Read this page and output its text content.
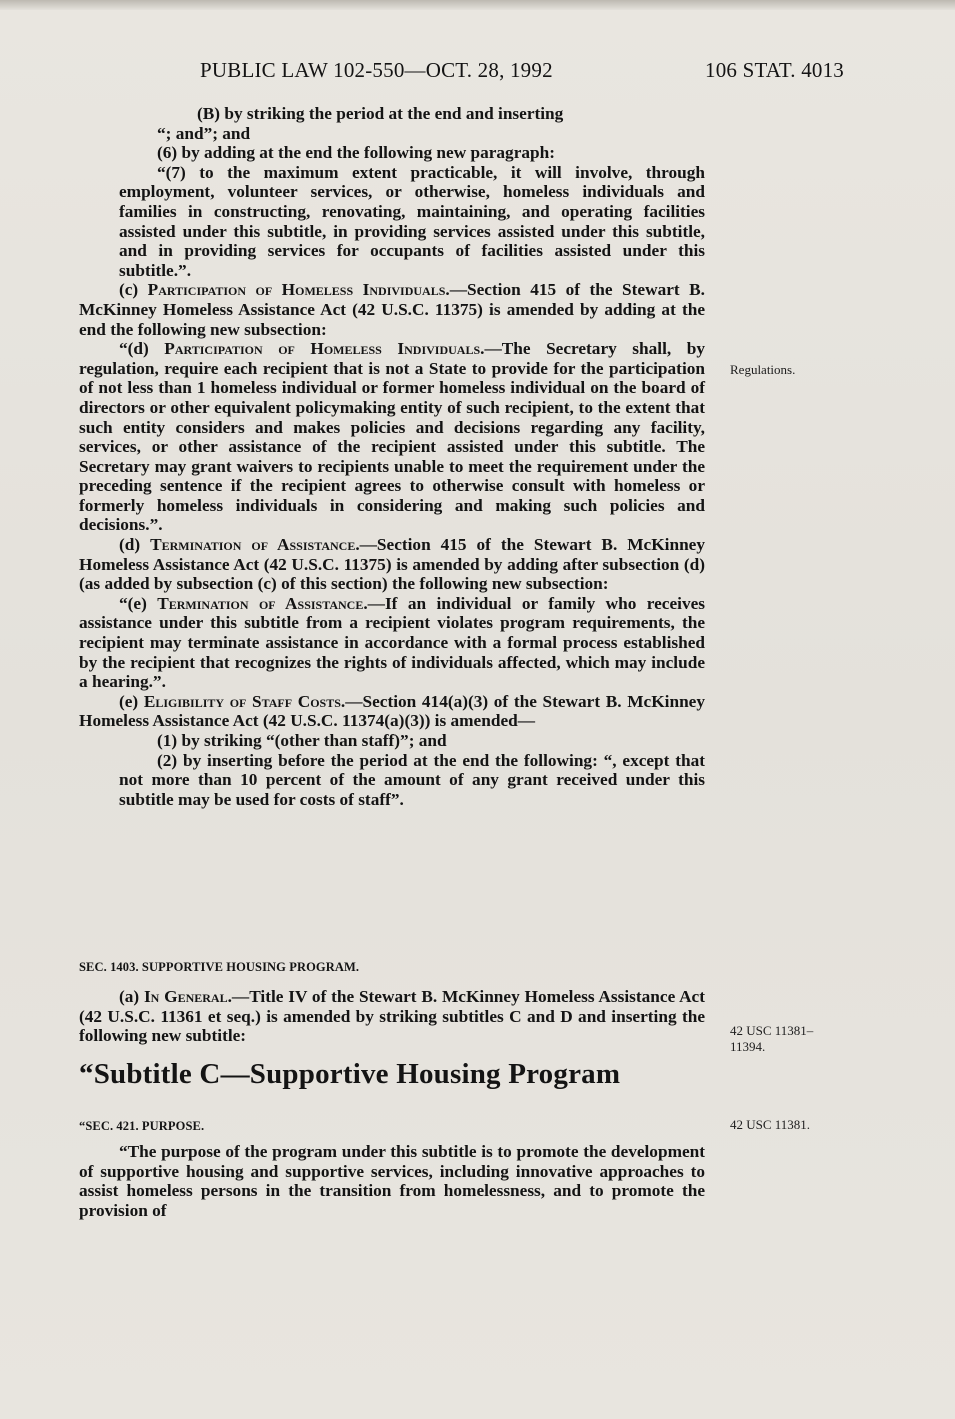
PUBLIC LAW 102-550—OCT. 28, 1992	106 STAT. 4013

(B) by striking the period at the end and inserting

“; and”; and

(6) by adding at the end the following new paragraph:

“(7) to the maximum extent practicable, it will involve, through employment, volunteer services, or otherwise, homeless individuals and families in constructing, renovating, maintaining, and operating facilities assisted under this subtitle, in providing services assisted under this subtitle, and in providing services for occupants of facilities assisted under this subtitle.”.

(c) Participation of Homeless Individuals.—Section 415 of the Stewart B. McKinney Homeless Assistance Act (42 U.S.C. 11375) is amended by adding at the end the following new subsection:

“(d) Participation of Homeless Individuals.—The Secretary shall, by regulation, require each recipient that is not a State to provide for the participation of not less than 1 homeless individual or former homeless individual on the board of directors or other equivalent policymaking entity of such recipient, to the extent that such entity considers and makes policies and decisions regarding any facility, services, or other assistance of the recipient assisted under this subtitle. The Secretary may grant waivers to recipients unable to meet the requirement under the preceding sentence if the recipient agrees to otherwise consult with homeless or formerly homeless individuals in considering and making such policies and decisions.”.

(d) Termination of Assistance.—Section 415 of the Stewart B. McKinney Homeless Assistance Act (42 U.S.C. 11375) is amended by adding after subsection (d) (as added by subsection (c) of this section) the following new subsection:

“(e) Termination of Assistance.—If an individual or family who receives assistance under this subtitle from a recipient violates program requirements, the recipient may terminate assistance in accordance with a formal process established by the recipient that recognizes the rights of individuals affected, which may include a hearing.”.

(e) Eligibility of Staff Costs.—Section 414(a)(3) of the Stewart B. McKinney Homeless Assistance Act (42 U.S.C. 11374(a)(3)) is amended—

(1) by striking “(other than staff)”; and

(2) by inserting before the period at the end the following: “, except that not more than 10 percent of the amount of any grant received under this subtitle may be used for costs of staff”.

SEC. 1403. SUPPORTIVE HOUSING PROGRAM.

(a) In General.—Title IV of the Stewart B. McKinney Homeless Assistance Act (42 U.S.C. 11361 et seq.) is amended by striking subtitles C and D and inserting the following new subtitle:

“Subtitle C—Supportive Housing Program
“SEC. 421. PURPOSE.

“The purpose of the program under this subtitle is to promote the development of supportive housing and supportive services, including innovative approaches to assist homeless persons in the transition from homelessness, and to promote the provision of

Regulations.
42 USC 11381–
11394.
42 USC 11381.
